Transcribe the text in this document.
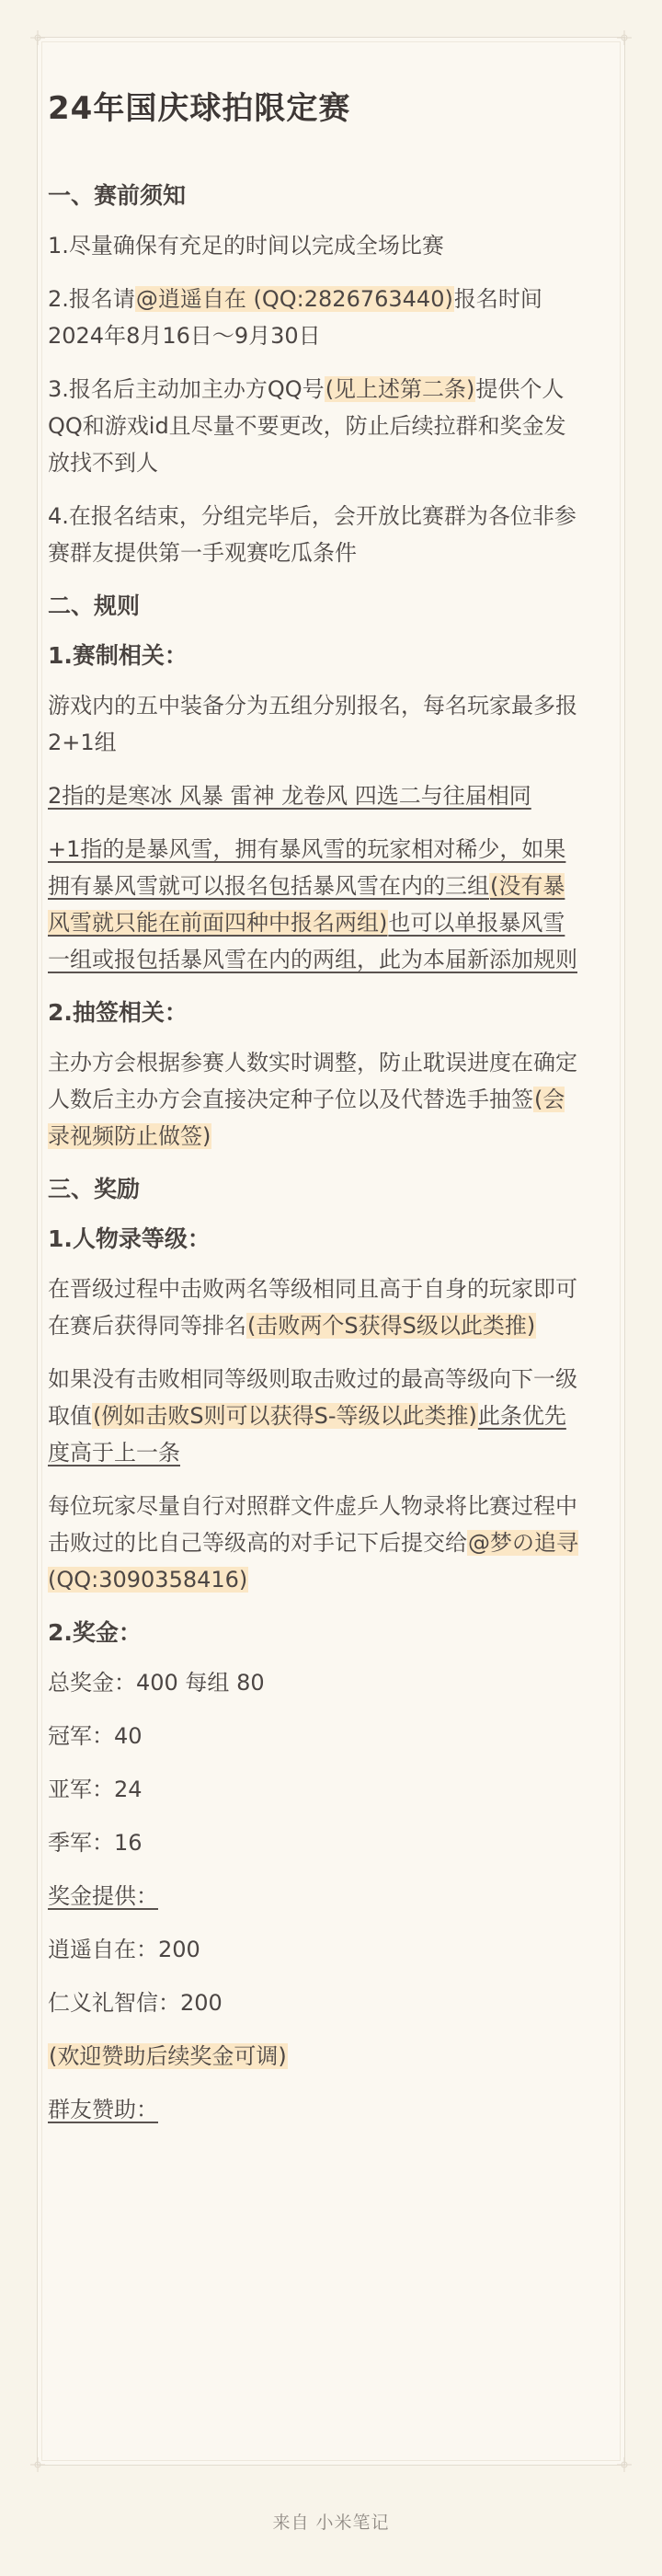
24年国庆球拍限定赛
一、赛前须知
1.尽量确保有充足的时间以完成全场比赛
2.报名请@逍遥自在 (QQ:2826763440)报名时间2024年8月16日～9月30日
3.报名后主动加主办方QQ号(见上述第二条)提供个人QQ和游戏id且尽量不要更改，防止后续拉群和奖金发放找不到人
4.在报名结束，分组完毕后，会开放比赛群为各位非参赛群友提供第一手观赛吃瓜条件
二、规则
1.赛制相关：
游戏内的五中装备分为五组分别报名，每名玩家最多报2+1组
2指的是寒冰 风暴 雷神 龙卷风 四选二与往届相同
+1指的是暴风雪，拥有暴风雪的玩家相对稀少，如果拥有暴风雪就可以报名包括暴风雪在内的三组(没有暴风雪就只能在前面四种中报名两组)也可以单报暴风雪一组或报包括暴风雪在内的两组，此为本届新添加规则
2.抽签相关：
主办方会根据参赛人数实时调整，防止耽误进度在确定人数后主办方会直接决定种子位以及代替选手抽签(会录视频防止做签)
三、奖励
1.人物录等级：
在晋级过程中击败两名等级相同且高于自身的玩家即可在赛后获得同等排名(击败两个S获得S级以此类推)
如果没有击败相同等级则取击败过的最高等级向下一级取值(例如击败S则可以获得S-等级以此类推)此条优先度高于上一条
每位玩家尽量自行对照群文件虚乒人物录将比赛过程中击败过的比自己等级高的对手记下后提交给@梦の追寻(QQ:3090358416)
2.奖金：
总奖金：400 每组 80
冠军：40
亚军：24
季军：16
奖金提供：
逍遥自在：200
仁义礼智信：200
(欢迎赞助后续奖金可调)
群友赞助：
来自 小米笔记
